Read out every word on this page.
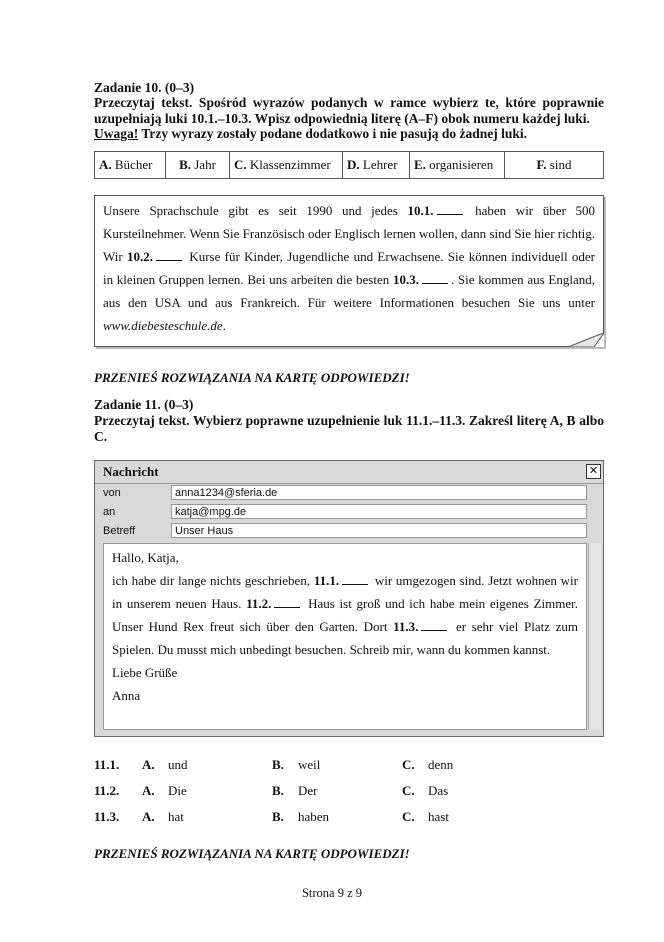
Zadanie 10. (0–3)
Przeczytaj tekst. Spośród wyrazów podanych w ramce wybierz te, które poprawnie uzupełniają luki 10.1.–10.3. Wpisz odpowiednią literę (A–F) obok numeru każdej luki.
Uwaga! Trzy wyrazy zostały podane dodatkowo i nie pasują do żadnej luki.
A. Bücher	B. Jahr	C. Klassenzimmer	D. Lehrer	E. organisieren	F. sind
Unsere Sprachschule gibt es seit 1990 und jedes 10.1. haben wir über 500 Kursteilnehmer. Wenn Sie Französisch oder Englisch lernen wollen, dann sind Sie hier richtig. Wir 10.2. Kurse für Kinder, Jugendliche und Erwachsene. Sie können individuell oder in kleinen Gruppen lernen. Bei uns arbeiten die besten 10.3. . Sie kommen aus England, aus den USA und aus Frankreich. Für weitere Informationen besuchen Sie uns unter www.diebesteschule.de.
PRZENIEŚ ROZWIĄZANIA NA KARTĘ ODPOWIEDZI!
Zadanie 11. (0–3)
Przeczytaj tekst. Wybierz poprawne uzupełnienie luk 11.1.–11.3. Zakreśl literę A, B albo C.
Nachricht	✕
von	anna1234@sferia.de
an	katja@mpg.de
Betreff	Unser Haus
Hallo, Katja,
ich habe dir lange nichts geschrieben, 11.1. wir umgezogen sind. Jetzt wohnen wir in unserem neuen Haus. 11.2. Haus ist groß und ich habe mein eigenes Zimmer. Unser Hund Rex freut sich über den Garten. Dort 11.3. er sehr viel Platz zum Spielen. Du musst mich unbedingt besuchen. Schreib mir, wann du kommen kannst.
Liebe Grüße
Anna
11.1. A. und	B. weil	C. denn
11.2. A. Die	B. Der	C. Das
11.3. A. hat	B. haben	C. hast
PRZENIEŚ ROZWIĄZANIA NA KARTĘ ODPOWIEDZI!
Strona 9 z 9
